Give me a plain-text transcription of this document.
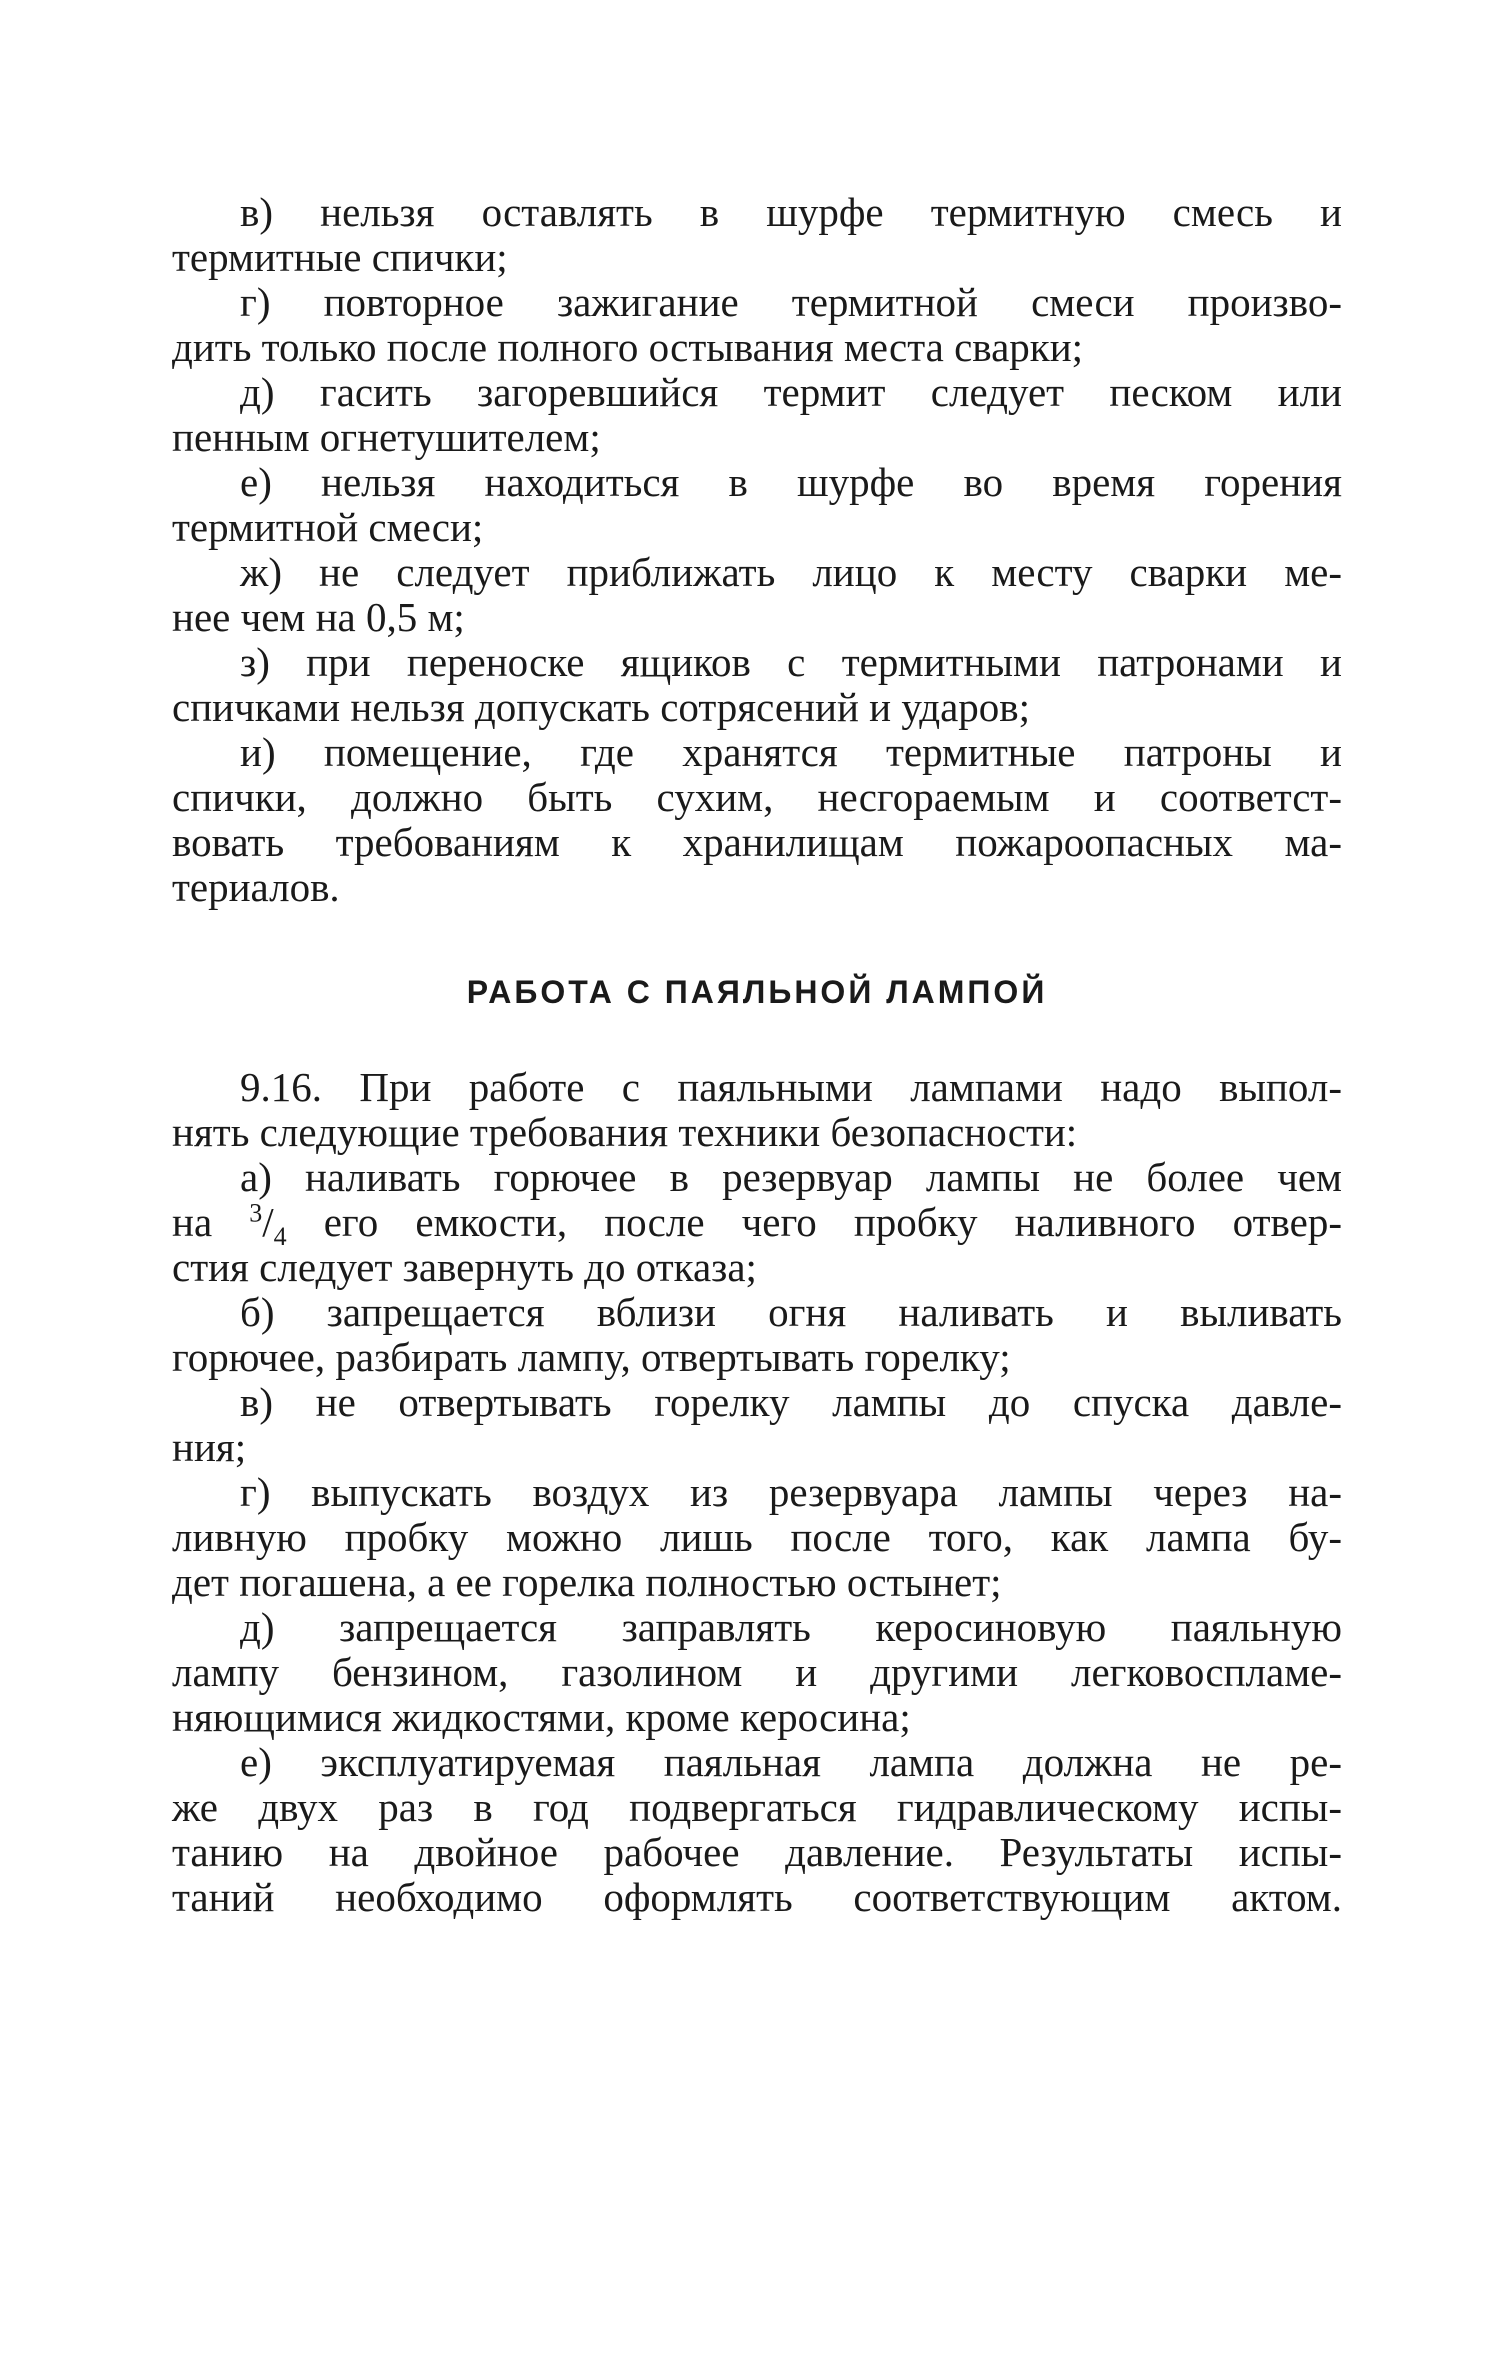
в) нельзя оставлять в шурфе термитную смесь и
термитные спички;
г) повторное зажигание термитной смеси произво-
дить только после полного остывания места сварки;
д) гасить загоревшийся термит следует песком или
пенным огнетушителем;
е) нельзя находиться в шурфе во время горения
термитной смеси;
ж) не следует приближать лицо к месту сварки ме-
нее чем на 0,5 м;
з) при переноске ящиков с термитными патронами и
спичками нельзя допускать сотрясений и ударов;
и) помещение, где хранятся термитные патроны и
спички, должно быть сухим, несгораемым и соответст-
вовать требованиям к хранилищам пожароопасных ма-
териалов.
РАБОТА С ПАЯЛЬНОЙ ЛАМПОЙ
9.16. При работе с паяльными лампами надо выпол-
нять следующие требования техники безопасности:
а) наливать горючее в резервуар лампы не более чем
на $^3/_4$ его емкости, после чего пробку наливного отвер-
стия следует завернуть до отказа;
б) запрещается вблизи огня наливать и выливать
горючее, разбирать лампу, отвертывать горелку;
в) не отвертывать горелку лампы до спуска давле-
ния;
г) выпускать воздух из резервуара лампы через на-
ливную пробку можно лишь после того, как лампа бу-
дет погашена, а ее горелка полностью остынет;
д) запрещается заправлять керосиновую паяльную
лампу бензином, газолином и другими легковоспламе-
няющимися жидкостями, кроме керосина;
е) эксплуатируемая паяльная лампа должна не ре-
же двух раз в год подвергаться гидравлическому испы-
танию на двойное рабочее давление. Результаты испы-
таний необходимо оформлять соответствующим актом.
